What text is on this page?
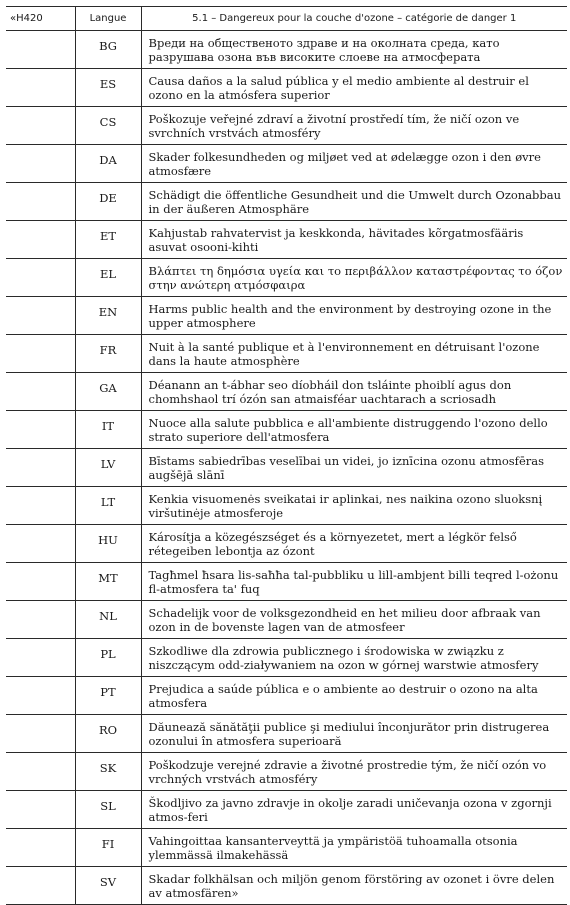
«H420	Langue	5.1 – Dangereux pour la couche d'ozone – catégorie de danger 1
	BG	Вреди на общественото здраве и на околната среда, като разрушава озона във високите слоеве на атмосферата
	ES	Causa daños a la salud pública y el medio ambiente al destruir el ozono en la atmósfera superior
	CS	Poškozuje veřejné zdraví a životní prostředí tím, že ničí ozon ve svrchních vrstvách atmosféry
	DA	Skader folkesundheden og miljøet ved at ødelægge ozon i den øvre atmosfære
	DE	Schädigt die öffentliche Gesundheit und die Umwelt durch Ozonabbau in der äußeren Atmosphäre
	ET	Kahjustab rahvatervist ja keskkonda, hävitades kõrgatmosfääris asuvat osooni-kihti
	EL	Βλάπτει τη δημόσια υγεία και το περιβάλλον καταστρέφοντας το όζον στην ανώτερη ατμόσφαιρα
	EN	Harms public health and the environment by destroying ozone in the upper atmosphere
	FR	Nuit à la santé publique et à l'environnement en détruisant l'ozone dans la haute atmosphère
	GA	Déanann an t-ábhar seo díobháil don tsláinte phoiblí agus don chomhshaol trí ózón san atmaisféar uachtarach a scriosadh
	IT	Nuoce alla salute pubblica e all'ambiente distruggendo l'ozono dello strato superiore dell'atmosfera
	LV	Bīstams sabiedrības veselībai un videi, jo iznīcina ozonu atmosfēras augšējā slānī
	LT	Kenkia visuomenės sveikatai ir aplinkai, nes naikina ozono sluoksnį viršutinėje atmosferoje
	HU	Károsítja a közegészséget és a környezetet, mert a légkör felső rétegeiben lebontja az ózont
	MT	Tagħmel ħsara lis-saħħa tal-pubbliku u lill-ambjent billi teqred l-ożonu fl-atmosfera ta' fuq
	NL	Schadelijk voor de volksgezondheid en het milieu door afbraak van ozon in de bovenste lagen van de atmosfeer
	PL	Szkodliwe dla zdrowia publicznego i środowiska w związku z niszczącym odd-ziaływaniem na ozon w górnej warstwie atmosfery
	PT	Prejudica a saúde pública e o ambiente ao destruir o ozono na alta atmosfera
	RO	Dăunează sănătăţii publice şi mediului înconjurător prin distrugerea ozonului în atmosfera superioară
	SK	Poškodzuje verejné zdravie a životné prostredie tým, že ničí ozón vo vrchných vrstvách atmosféry
	SL	Škodljivo za javno zdravje in okolje zaradi uničevanja ozona v zgornji atmos-feri
	FI	Vahingoittaa kansanterveyttä ja ympäristöä tuhoamalla otsonia ylemmässä ilmakehässä
	SV	Skadar folkhälsan och miljön genom förstöring av ozonet i övre delen av atmosfären»
